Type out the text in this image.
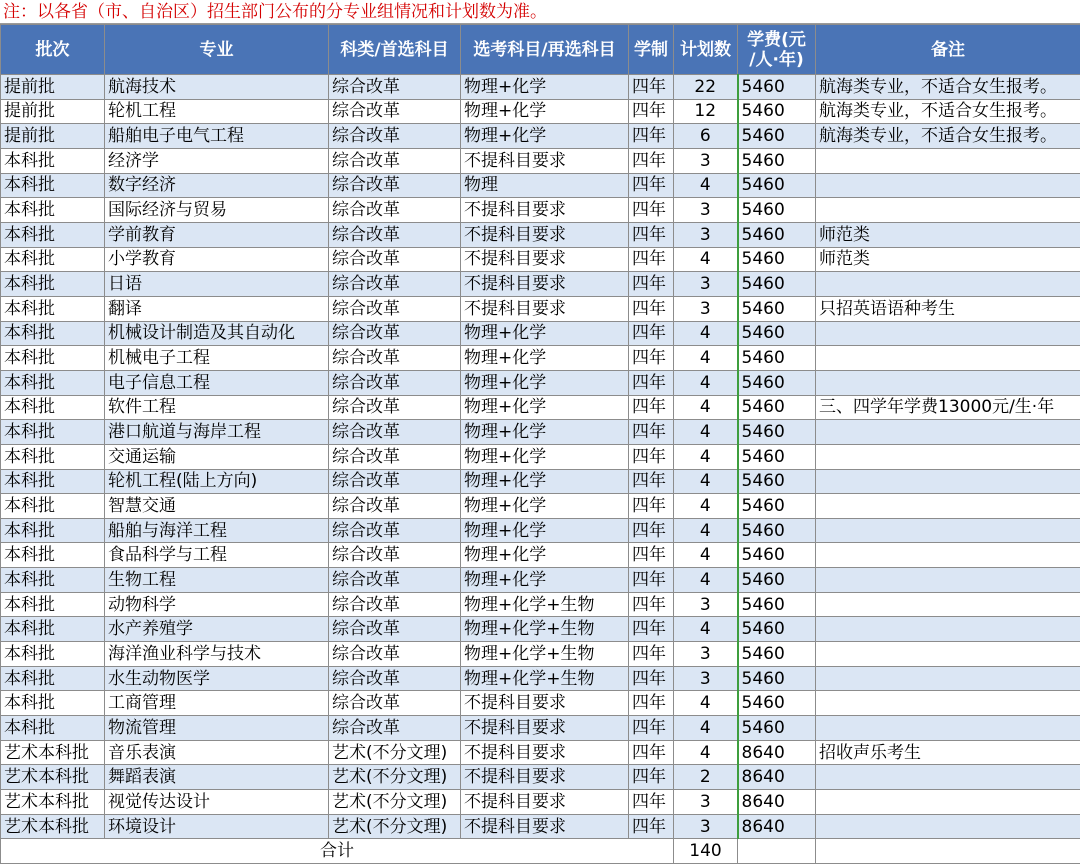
注：以各省（市、自治区）招生部门公布的分专业组情况和计划数为准。
批次	专业	科类/首选科目	选考科目/再选科目	学制	计划数	学费(元
/人·年)	备注
提前批	航海技术	综合改革	物理+化学	四年	22	5460	航海类专业，不适合女生报考。
提前批	轮机工程	综合改革	物理+化学	四年	12	5460	航海类专业，不适合女生报考。
提前批	船舶电子电气工程	综合改革	物理+化学	四年	6	5460	航海类专业，不适合女生报考。
本科批	经济学	综合改革	不提科目要求	四年	3	5460	
本科批	数字经济	综合改革	物理	四年	4	5460	
本科批	国际经济与贸易	综合改革	不提科目要求	四年	3	5460	
本科批	学前教育	综合改革	不提科目要求	四年	3	5460	师范类
本科批	小学教育	综合改革	不提科目要求	四年	4	5460	师范类
本科批	日语	综合改革	不提科目要求	四年	3	5460	
本科批	翻译	综合改革	不提科目要求	四年	3	5460	只招英语语种考生
本科批	机械设计制造及其自动化	综合改革	物理+化学	四年	4	5460	
本科批	机械电子工程	综合改革	物理+化学	四年	4	5460	
本科批	电子信息工程	综合改革	物理+化学	四年	4	5460	
本科批	软件工程	综合改革	物理+化学	四年	4	5460	三、四学年学费13000元/生·年
本科批	港口航道与海岸工程	综合改革	物理+化学	四年	4	5460	
本科批	交通运输	综合改革	物理+化学	四年	4	5460	
本科批	轮机工程(陆上方向)	综合改革	物理+化学	四年	4	5460	
本科批	智慧交通	综合改革	物理+化学	四年	4	5460	
本科批	船舶与海洋工程	综合改革	物理+化学	四年	4	5460	
本科批	食品科学与工程	综合改革	物理+化学	四年	4	5460	
本科批	生物工程	综合改革	物理+化学	四年	4	5460	
本科批	动物科学	综合改革	物理+化学+生物	四年	3	5460	
本科批	水产养殖学	综合改革	物理+化学+生物	四年	4	5460	
本科批	海洋渔业科学与技术	综合改革	物理+化学+生物	四年	3	5460	
本科批	水生动物医学	综合改革	物理+化学+生物	四年	3	5460	
本科批	工商管理	综合改革	不提科目要求	四年	4	5460	
本科批	物流管理	综合改革	不提科目要求	四年	4	5460	
艺术本科批	音乐表演	艺术(不分文理)	不提科目要求	四年	4	8640	招收声乐考生
艺术本科批	舞蹈表演	艺术(不分文理)	不提科目要求	四年	2	8640	
艺术本科批	视觉传达设计	艺术(不分文理)	不提科目要求	四年	3	8640	
艺术本科批	环境设计	艺术(不分文理)	不提科目要求	四年	3	8640	
合计					140		
